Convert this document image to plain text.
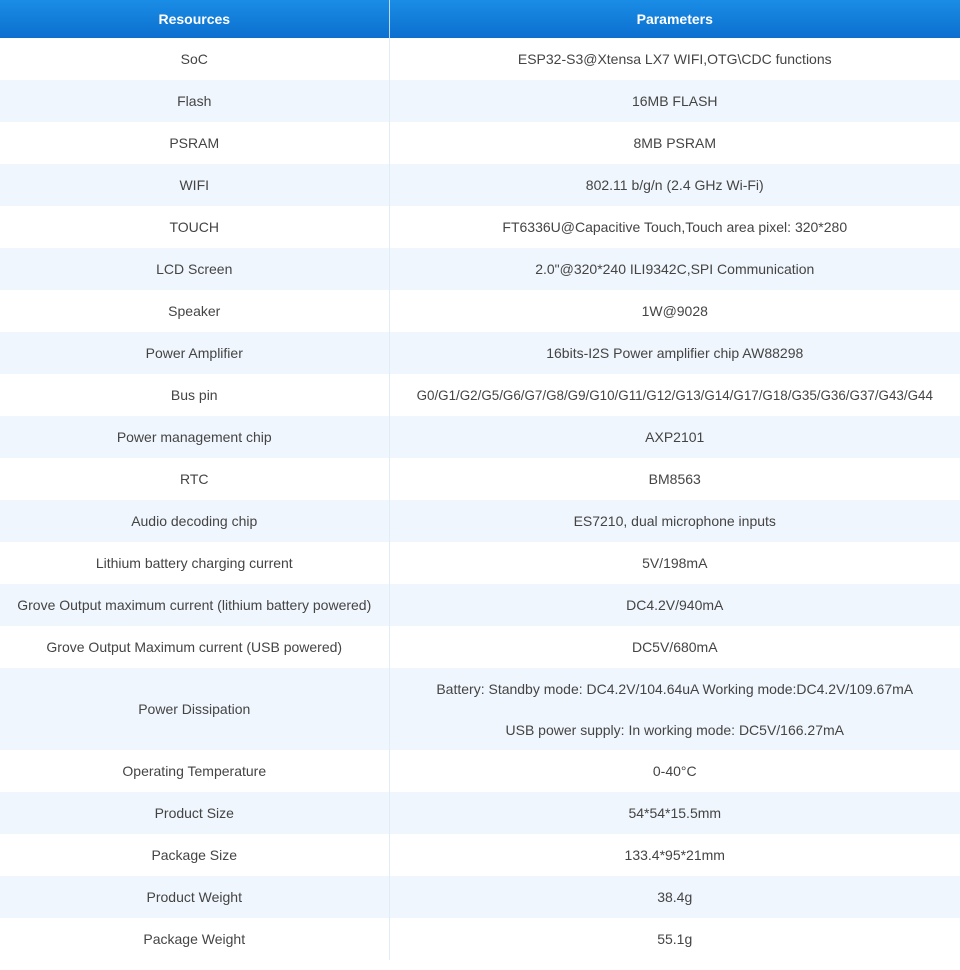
Resources	Parameters
SoC	ESP32-S3@Xtensa LX7 WIFI,OTG\CDC functions
Flash	16MB FLASH
PSRAM	8MB PSRAM
WIFI	802.11 b/g/n (2.4 GHz Wi-Fi)
TOUCH	FT6336U@Capacitive Touch,Touch area pixel: 320*280
LCD Screen	2.0"@320*240 ILI9342C,SPI Communication
Speaker	1W@9028
Power Amplifier	16bits-I2S Power amplifier chip AW88298
Bus pin	G0/G1/G2/G5/G6/G7/G8/G9/G10/G11/G12/G13/G14/G17/G18/G35/G36/G37/G43/G44
Power management chip	AXP2101
RTC	BM8563
Audio decoding chip	ES7210, dual microphone inputs
Lithium battery charging current	5V/198mA
Grove Output maximum current (lithium battery powered)	DC4.2V/940mA
Grove Output Maximum current (USB powered)	DC5V/680mA
Power Dissipation	Battery: Standby mode: DC4.2V/104.64uA Working mode:DC4.2V/109.67mA
USB power supply: In working mode: DC5V/166.27mA

Operating Temperature	0-40°C
Product Size	54*54*15.5mm
Package Size	133.4*95*21mm
Product Weight	38.4g
Package Weight	55.1g
